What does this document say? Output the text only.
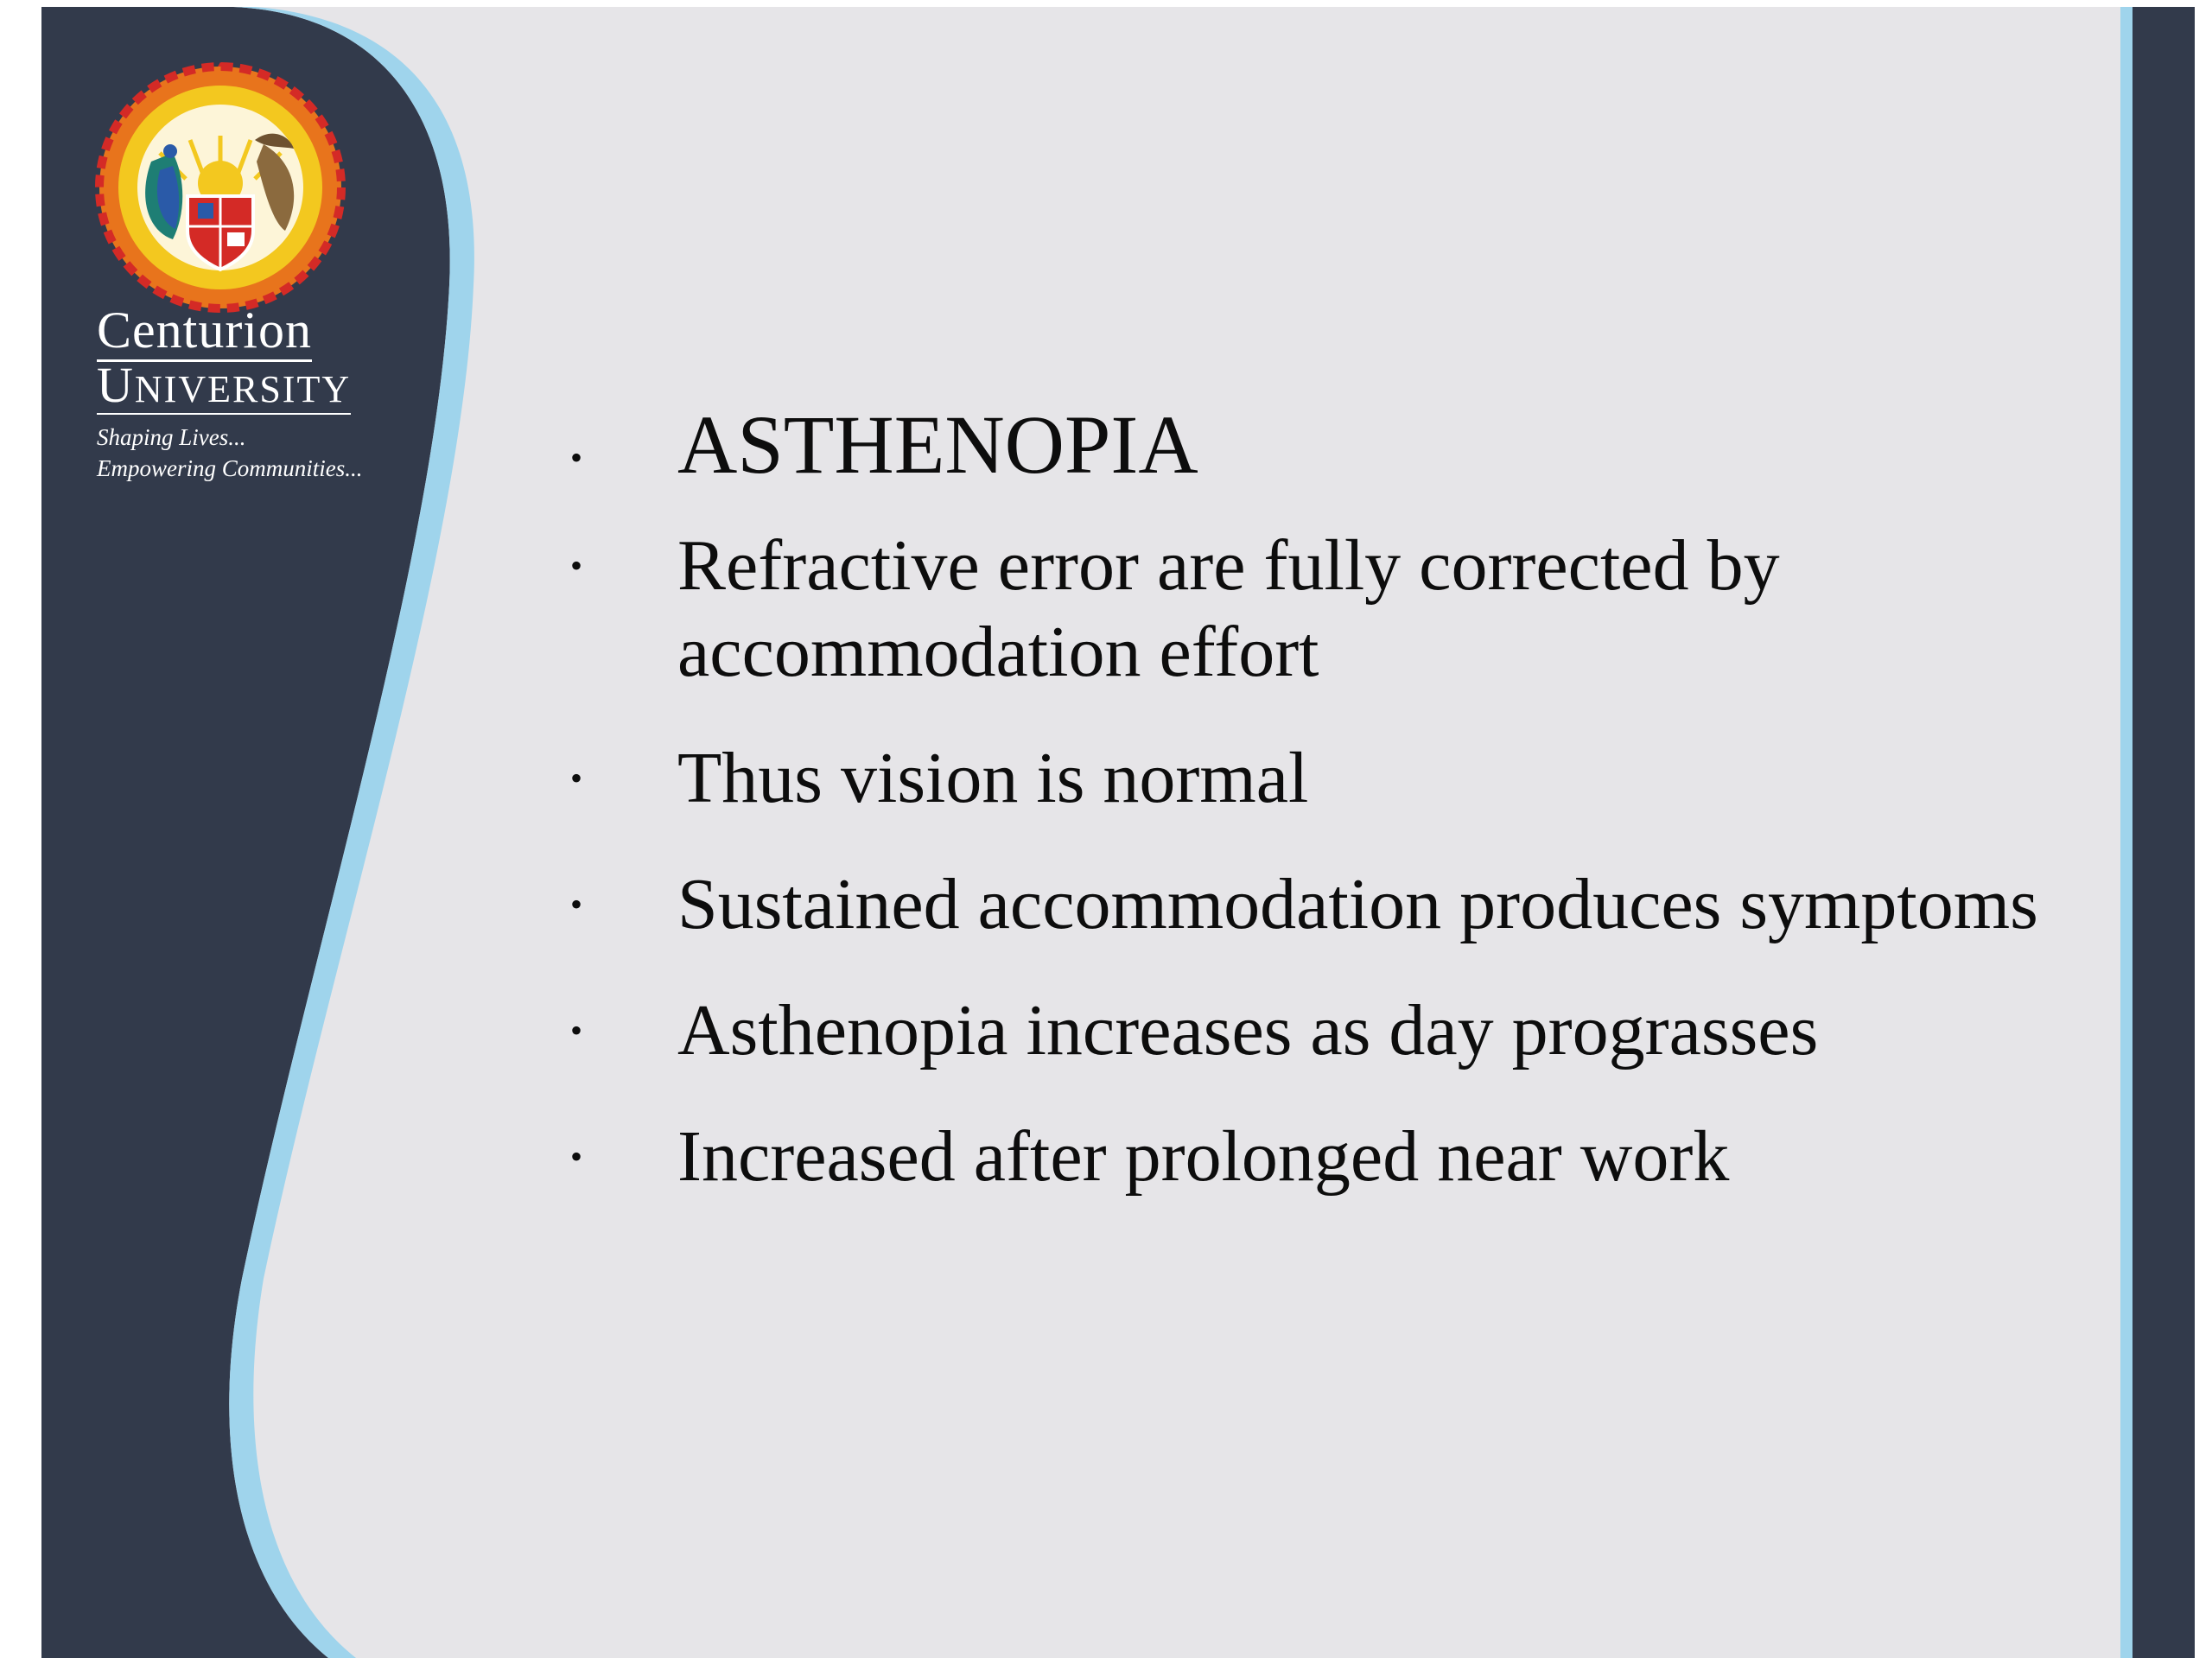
Centurion
UNIVERSITY
Shaping Lives...
Empowering Communities...	• ASTHENOPIA
• Refractive error are fully corrected by accommodation effort
• Thus vision is normal
• Sustained accommodation produces symptoms
• Asthenopia increases as day prograsses
• Increased after prolonged near work
